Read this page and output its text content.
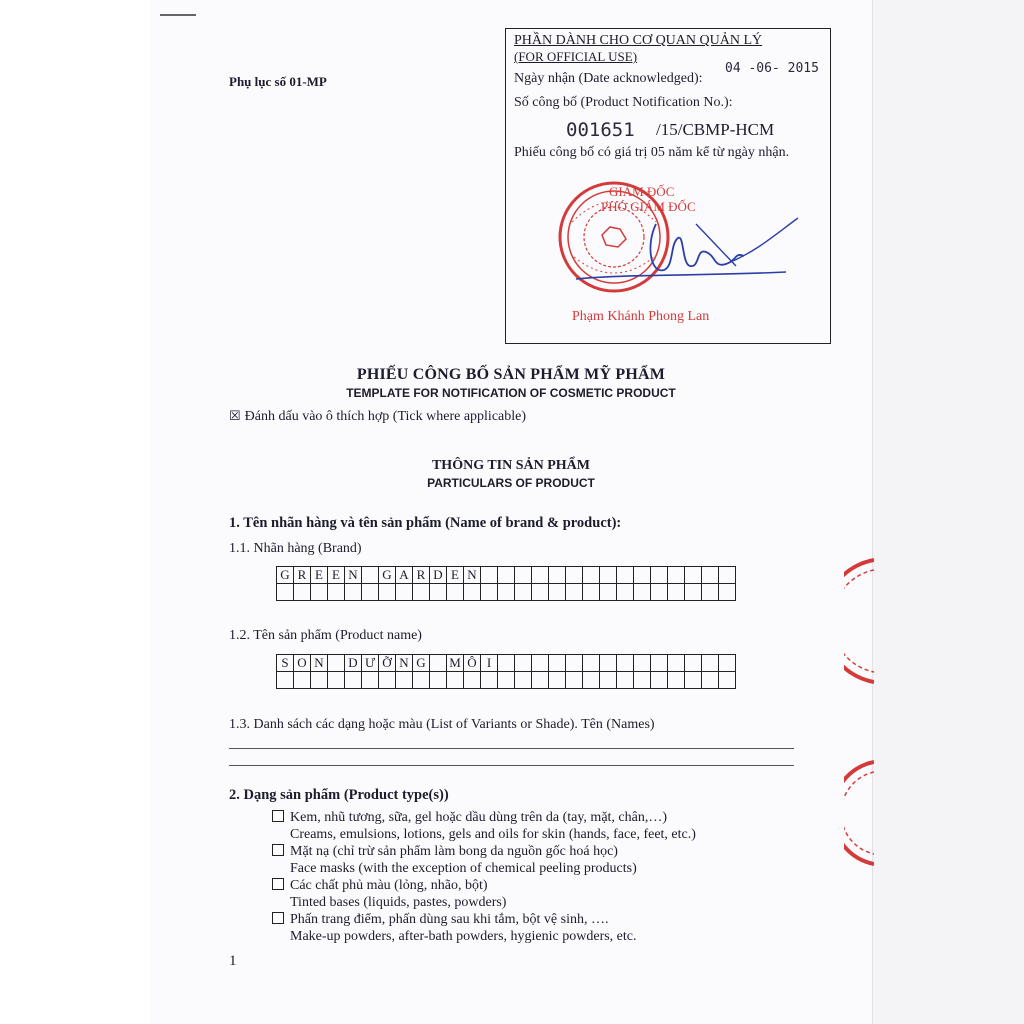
Phụ lục số 01-MP
PHẦN DÀNH CHO CƠ QUAN QUẢN LÝ
(FOR OFFICIAL USE)
Ngày nhận (Date acknowledged):
04 -06- 2015
Số công bố (Product Notification No.):
001651 /15/CBMP-HCM
Phiếu công bố có giá trị 05 năm kể từ ngày nhận.
GIÁM ĐỐC
PHÓ GIÁM ĐỐC
Phạm Khánh Phong Lan
PHIẾU CÔNG BỐ SẢN PHẨM MỸ PHẨM
TEMPLATE FOR NOTIFICATION OF COSMETIC PRODUCT
☒ Đánh dấu vào ô thích hợp (Tick where applicable)
THÔNG TIN SẢN PHẨM
PARTICULARS OF PRODUCT
1. Tên nhãn hàng và tên sản phẩm (Name of brand & product):
1.1. Nhãn hàng (Brand)
G	R	E	E	N		G	A	R	D	E	N															

1.2. Tên sản phẩm (Product name)
S	O	N		D	Ư	Ỡ	N	G		M	Ô	I														

1.3. Danh sách các dạng hoặc màu (List of Variants or Shade). Tên (Names)
2. Dạng sản phẩm (Product type(s))
Kem, nhũ tương, sữa, gel hoặc dầu dùng trên da (tay, mặt, chân,…)
Creams, emulsions, lotions, gels and oils for skin (hands, face, feet, etc.)
Mặt nạ (chỉ trừ sản phẩm làm bong da nguồn gốc hoá học)
Face masks (with the exception of chemical peeling products)
Các chất phủ màu (lỏng, nhão, bột)
Tinted bases (liquids, pastes, powders)
Phấn trang điểm, phấn dùng sau khi tắm, bột vệ sinh, ….
Make-up powders, after-bath powders, hygienic powders, etc.
1
